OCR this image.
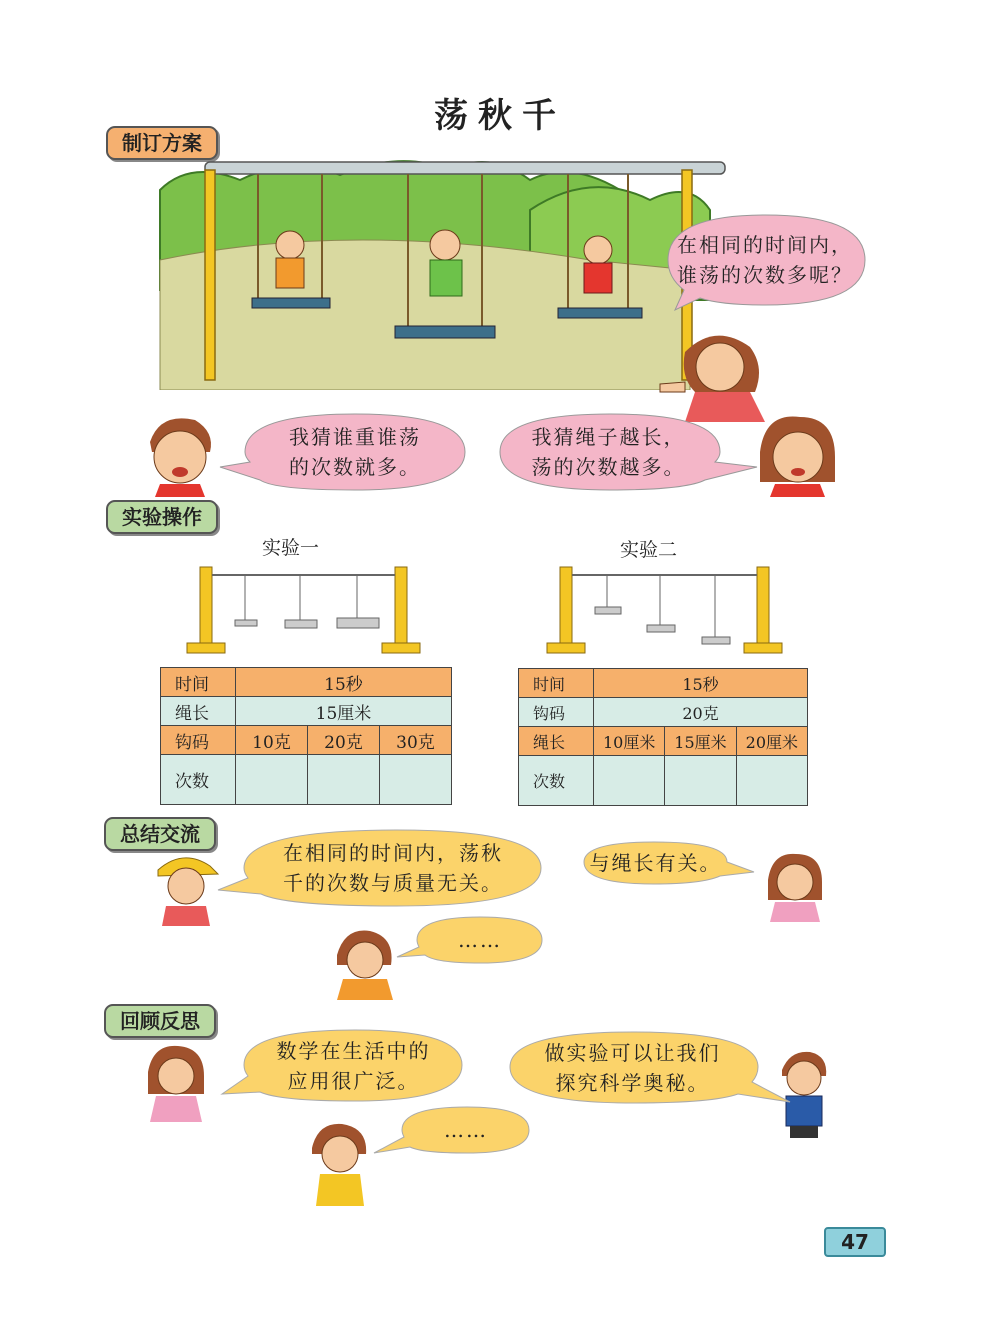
荡秋千
制订方案
实验操作
总结交流
回顾反思
在相同的时间内，
谁荡的次数多呢？
我猜谁重谁荡
的次数就多。
我猜绳子越长，
荡的次数越多。
实验一	实验二
时间	15秒		
绳长	15厘米		
钩码	10克	20克	30克
次数			
时间	15秒		
钩码	20克		
绳长	10厘米	15厘米	20厘米
次数			
在相同的时间内，荡秋
千的次数与质量无关。
与绳长有关。
……
数学在生活中的
应用很广泛。
做实验可以让我们
探究科学奥秘。
……
47
